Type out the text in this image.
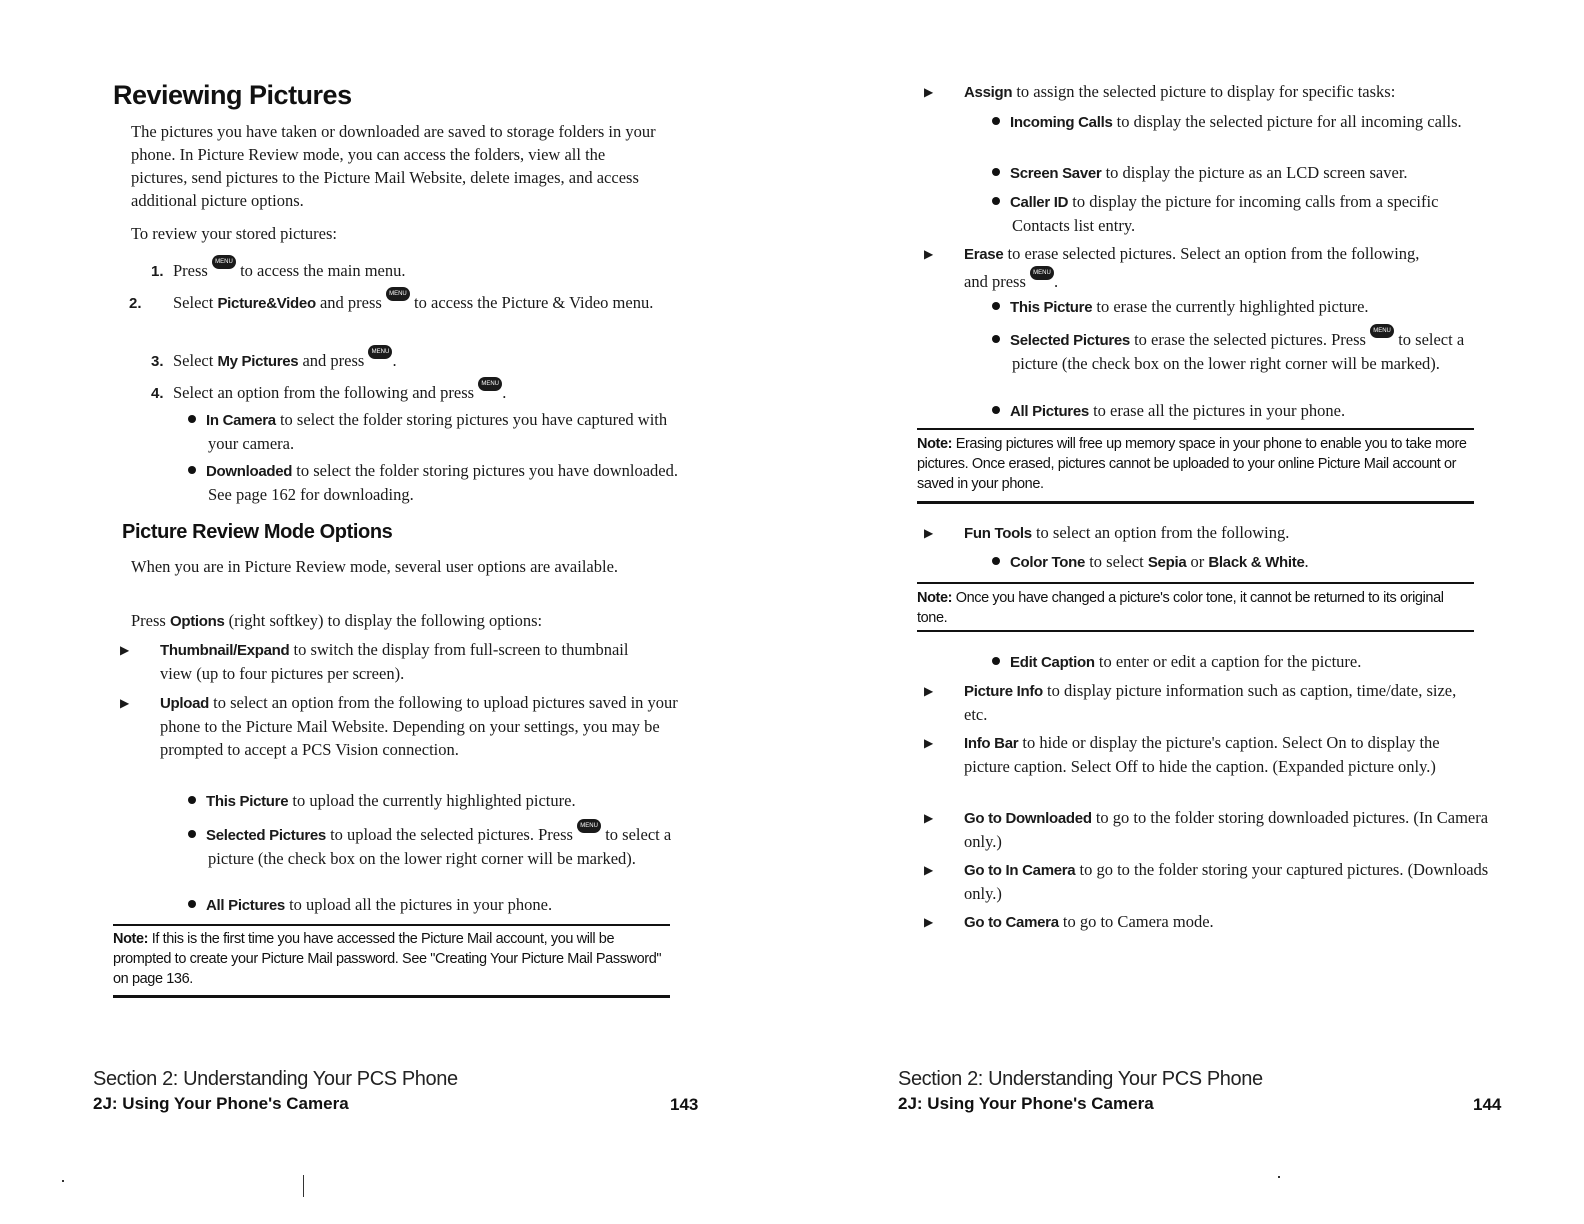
Reviewing Pictures

The pictures you have taken or downloaded are saved to storage folders in your phone. In Picture Review mode, you can access the folders, view all the pictures, send pictures to the Picture Mail Website, delete images, and access additional picture options.

To review your stored pictures:

1. Press MENU OK to access the main menu.
2. Select Picture&Video and press MENU OK to access the Picture & Video menu.
3. Select My Pictures and press MENU OK .
4. Select an option from the following and press MENU OK .
In Camera to select the folder storing pictures you have captured with your camera.
Downloaded to select the folder storing pictures you have downloaded. See page 162 for downloading.
Picture Review Mode Options

When you are in Picture Review mode, several user options are available.

Press Options (right softkey) to display the following options:
▶ Thumbnail/Expand to switch the display from full-screen to thumbnail view (up to four pictures per screen).
▶ Upload to select an option from the following to upload pictures saved in your phone to the Picture Mail Website. Depending on your settings, you may be prompted to accept a PCS Vision connection.
This Picture to upload the currently highlighted picture.
Selected Pictures to upload the selected pictures. Press MENU OK to select a picture (the check box on the lower right corner will be marked).
All Pictures to upload all the pictures in your phone.
Note: If this is the first time you have accessed the Picture Mail account, you will be prompted to create your Picture Mail password. See "Creating Your Picture Mail Password" on page 136.
Section 2: Understanding Your PCS Phone
2J: Using Your Phone's Camera	143
▶ Assign to assign the selected picture to display for specific tasks:
Incoming Calls to display the selected picture for all incoming calls.
Screen Saver to display the picture as an LCD screen saver.
Caller ID to display the picture for incoming calls from a specific Contacts list entry.
▶ Erase to erase selected pictures. Select an option from the following, and press MENU OK .
This Picture to erase the currently highlighted picture.
Selected Pictures to erase the selected pictures. Press MENU OK to select a picture (the check box on the lower right corner will be marked).
All Pictures to erase all the pictures in your phone.
Note: Erasing pictures will free up memory space in your phone to enable you to take more pictures. Once erased, pictures cannot be uploaded to your online Picture Mail account or saved in your phone.
▶ Fun Tools to select an option from the following.
Color Tone to select Sepia or Black & White.
Note: Once you have changed a picture's color tone, it cannot be returned to its original tone.
Edit Caption to enter or edit a caption for the picture.
▶ Picture Info to display picture information such as caption, time/date, size, etc.
▶ Info Bar to hide or display the picture's caption. Select On to display the picture caption. Select Off to hide the caption. (Expanded picture only.)
▶ Go to Downloaded to go to the folder storing downloaded pictures. (In Camera only.)
▶ Go to In Camera to go to the folder storing your captured pictures. (Downloads only.)
▶ Go to Camera to go to Camera mode.
Section 2: Understanding Your PCS Phone
2J: Using Your Phone's Camera	144
